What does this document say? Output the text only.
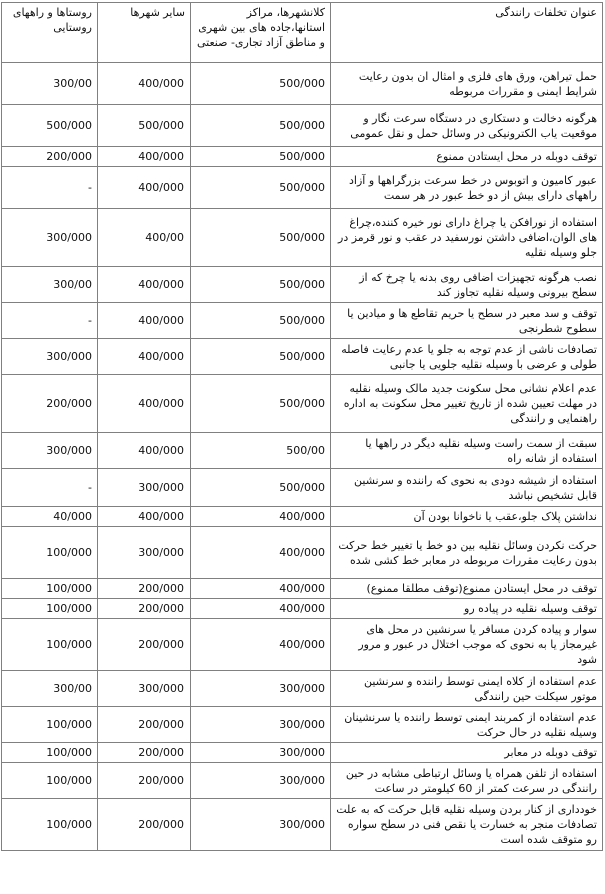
عنوان تخلفات رانندگی	کلانشهرها، مراکز استانها،جاده های بین شهری و مناطق آزاد تجاری- صنعتی	سایر شهرها	روستاها و راههای روستایی
حمل تیراهن، ورق های فلزی و امثال ان بدون رعایت شرایط ایمنی و مقررات مربوطه	500/000	400/000	300/00
هرگونه دخالت و دستکاری در دستگاه سرعت نگار و موقعیت یاب الکترونیکی در وسائل حمل و نقل عمومی	500/000	500/000	500/000
توقف دوبله در محل ایستادن ممنوع	500/000	400/000	200/000
عبور کامیون و اتوبوس در خط سرعت بزرگراهها و آزاد راههای دارای بیش از دو خط عبور در هر سمت	500/000	400/000	-
استفاده از نورافکن یا چراغ دارای نور خیره کننده،چراغ های الوان،اضافی داشتن نورسفید در عقب و نور قرمز در جلو وسیله نقلیه	500/000	400/00	300/000
نصب هرگونه تجهیزات اضافی روی بدنه یا چرخ که از سطح بیرونی وسیله نقلیه تجاوز کند	500/000	400/000	300/00
توقف و سد معبر در سطح یا حریم تقاطع ها و میادین یا سطوح شطرنجی	500/000	400/000	-
تصادفات ناشی از عدم توجه به جلو یا عدم رعایت فاصله طولی و عرضی با وسیله نقلیه جلویی یا جانبی	500/000	400/000	300/000
عدم اعلام نشانی محل سکونت جدید مالک وسیله نقلیه در مهلت تعیین شده از تاریخ تغییر محل سکونت به اداره راهنمایی و رانندگی	500/000	400/000	200/000
سبقت از سمت راست وسیله نقلیه دیگر در راهها یا استفاده از شانه راه	500/00	400/000	300/000
استفاده از شیشه دودی به نحوی که راننده و سرنشین قابل تشخیص نباشد	500/000	300/000	-
نداشتن پلاک جلو،عقب یا ناخوانا بودن آن	400/000	400/000	40/000
حرکت نکردن وسائل نقلیه بین دو خط یا تغییر خط حرکت بدون رعایت مقررات مربوطه در معابر خط کشی شده	400/000	300/000	100/000
توقف در محل ایستادن ممنوع(توقف مطلقا ممنوع)	400/000	200/000	100/000
توقف وسیله نقلیه در پیاده رو	400/000	200/000	100/000
سوار و پیاده کردن مسافر یا سرنشین در محل های غیرمجاز یا به نحوی که موجب اختلال در عبور و مرور شود	400/000	200/000	100/000
عدم استفاده از کلاه ایمنی توسط راننده و سرنشین موتور سیکلت حین رانندگی	300/000	300/000	300/00
عدم استفاده از کمربند ایمنی توسط راننده یا سرنشینان وسیله نقلیه در حال حرکت	300/000	200/000	100/000
توقف دوبله در معابر	300/000	200/000	100/000
استفاده از تلفن همراه یا وسائل ارتباطی مشابه در حین رانندگی در سرعت کمتر از 60 کیلومتر در ساعت	300/000	200/000	100/000
خودداری از کنار بردن وسیله نقلیه قابل حرکت که به علت تصادفات منجر به خسارت یا نقص فنی در سطح سواره رو متوقف شده است	300/000	200/000	100/000
